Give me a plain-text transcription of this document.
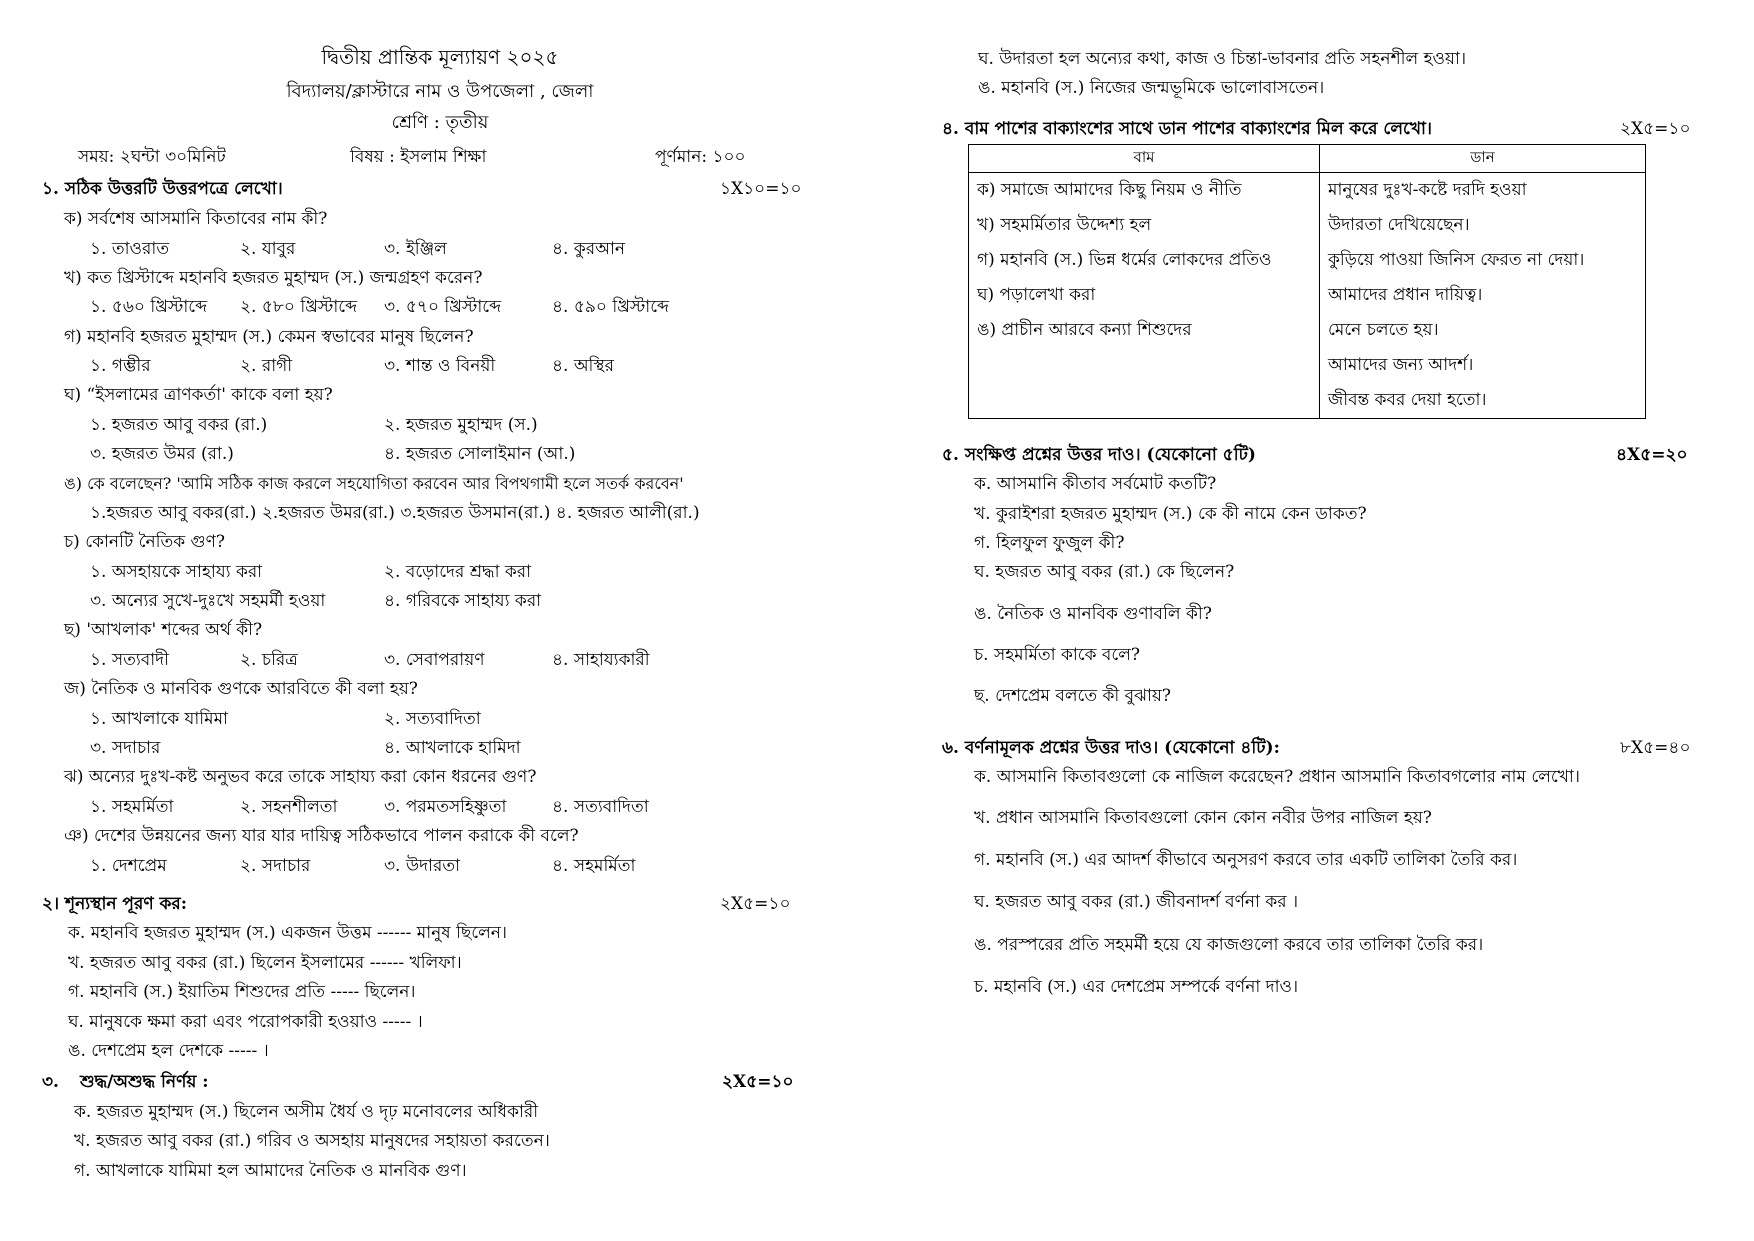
দ্বিতীয় প্রান্তিক মূল্যায়ণ ২০২৫
বিদ্যালয়/ক্লাস্টারে নাম ও উপজেলা , জেলা
শ্রেণি : তৃতীয়
সময়: ২ঘন্টা ৩০মিনিট	বিষয় : ইসলাম শিক্ষা	পূর্ণমান: ১০০
১. সঠিক উত্তরটি উত্তরপত্রে লেখো।	১X১০=১০
ক) সর্বশেষ আসমানি কিতাবের নাম কী?
১. তাওরাত	২. যাবুর	৩. ইঞ্জিল	৪. কুরআন
খ) কত খ্রিস্টাব্দে মহানবি হজরত মুহাম্মদ (স.) জন্মগ্রহণ করেন?
১. ৫৬০ খ্রিস্টাব্দে ২. ৫৮০ খ্রিস্টাব্দে ৩. ৫৭০ খ্রিস্টাব্দে	৪. ৫৯০ খ্রিস্টাব্দে
গ) মহানবি হজরত মুহাম্মদ (স.) কেমন স্বভাবের মানুষ ছিলেন?
১. গম্ভীর	২. রাগী	৩. শান্ত ও বিনয়ী	৪. অস্থির
ঘ) “ইসলামের ত্রাণকর্তা' কাকে বলা হয়?
১. হজরত আবু বকর (রা.)	২. হজরত মুহাম্মদ (স.)
৩. হজরত উমর (রা.)	৪. হজরত সোলাইমান (আ.)
ঙ) কে বলেছেন? 'আমি সঠিক কাজ করলে সহযোগিতা করবেন আর বিপথগামী হলে সতর্ক করবেন'
১.হজরত আবু বকর(রা.) ২.হজরত উমর(রা.) ৩.হজরত উসমান(রা.) ৪. হজরত আলী(রা.)
চ) কোনটি নৈতিক গুণ?
১. অসহায়কে সাহায্য করা	২. বড়োদের শ্রদ্ধা করা
৩. অন্যের সুখে-দুঃখে সহমর্মী হওয়া	৪. গরিবকে সাহায্য করা
ছ) 'আখলাক' শব্দের অর্থ কী?
১. সত্যবাদী	২. চরিত্র	৩. সেবাপরায়ণ	৪. সাহায্যকারী
জ) নৈতিক ও মানবিক গুণকে আরবিতে কী বলা হয়?
১. আখলাকে যামিমা	২. সত্যবাদিতা
৩. সদাচার	৪. আখলাকে হামিদা
ঝ) অন্যের দুঃখ-কষ্ট অনুভব করে তাকে সাহায্য করা কোন ধরনের গুণ?
১. সহমর্মিতা	২. সহনশীলতা	৩. পরমতসহিষ্ণুতা	৪. সত্যবাদিতা
ঞ) দেশের উন্নয়নের জন্য যার যার দায়িত্ব সঠিকভাবে পালন করাকে কী বলে?
১. দেশপ্রেম	২. সদাচার	৩. উদারতা	৪. সহমর্মিতা
২। শূন্যস্থান পূরণ কর:	২X৫=১০
ক. মহানবি হজরত মুহাম্মদ (স.) একজন উত্তম ------ মানুষ ছিলেন।
খ. হজরত আবু বকর (রা.) ছিলেন ইসলামের ------ খলিফা।
গ. মহানবি (স.) ইয়াতিম শিশুদের প্রতি ----- ছিলেন।
ঘ. মানুষকে ক্ষমা করা এবং পরোপকারী হওয়াও ----- ।
ঙ. দেশপ্রেম হল দেশকে ----- ।
৩. শুদ্ধ/অশুদ্ধ নির্ণয় :	২X৫=১০
ক. হজরত মুহাম্মদ (স.) ছিলেন অসীম ধৈর্য ও দৃঢ় মনোবলের অধিকারী
খ. হজরত আবু বকর (রা.) গরিব ও অসহায় মানুষদের সহায়তা করতেন।
গ. আখলাকে যামিমা হল আমাদের নৈতিক ও মানবিক গুণ।
ঘ. উদারতা হল অন্যের কথা, কাজ ও চিন্তা-ভাবনার প্রতি সহনশীল হওয়া।
ঙ. মহানবি (স.) নিজের জন্মভূমিকে ভালোবাসতেন।
৪. বাম পাশের বাক্যাংশের সাথে ডান পাশের বাক্যাংশের মিল করে লেখো।	২X৫=১০
বাম	ডান
ক) সমাজে আমাদের কিছু নিয়ম ও নীতি	মানুষের দুঃখ-কষ্টে দরদি হওয়া
খ) সহমর্মিতার উদ্দেশ্য হল	উদারতা দেখিয়েছেন।
গ) মহানবি (স.) ভিন্ন ধর্মের লোকদের প্রতিও	কুড়িয়ে পাওয়া জিনিস ফেরত না দেয়া।
ঘ) পড়ালেখা করা	আমাদের প্রধান দায়িত্ব।
ঙ) প্রাচীন আরবে কন্যা শিশুদের	মেনে চলতে হয়।
	আমাদের জন্য আদর্শ।
	জীবন্ত কবর দেয়া হতো।
৫. সংক্ষিপ্ত প্রশ্নের উত্তর দাও। (যেকোনো ৫টি)	৪X৫=২০
ক. আসমানি কীতাব সর্বমোট কতটি?
খ. কুরাইশরা হজরত মুহাম্মদ (স.) কে কী নামে কেন ডাকত?
গ. হিলফুল ফুজুল কী?
ঘ. হজরত আবু বকর (রা.) কে ছিলেন?
ঙ. নৈতিক ও মানবিক গুণাবলি কী?
চ. সহমর্মিতা কাকে বলে?
ছ. দেশপ্রেম বলতে কী বুঝায়?
৬. বর্ণনামূলক প্রশ্নের উত্তর দাও। (যেকোনো ৪টি):	৮X৫=৪০
ক. আসমানি কিতাবগুলো কে নাজিল করেছেন? প্রধান আসমানি কিতাবগলোর নাম লেখো।
খ. প্রধান আসমানি কিতাবগুলো কোন কোন নবীর উপর নাজিল হয়?
গ. মহানবি (স.) এর আদর্শ কীভাবে অনুসরণ করবে তার একটি তালিকা তৈরি কর।
ঘ. হজরত আবু বকর (রা.) জীবনাদর্শ বর্ণনা কর ।
ঙ. পরস্পরের প্রতি সহমর্মী হয়ে যে কাজগুলো করবে তার তালিকা তৈরি কর।
চ. মহানবি (স.) এর দেশপ্রেম সম্পর্কে বর্ণনা দাও।
